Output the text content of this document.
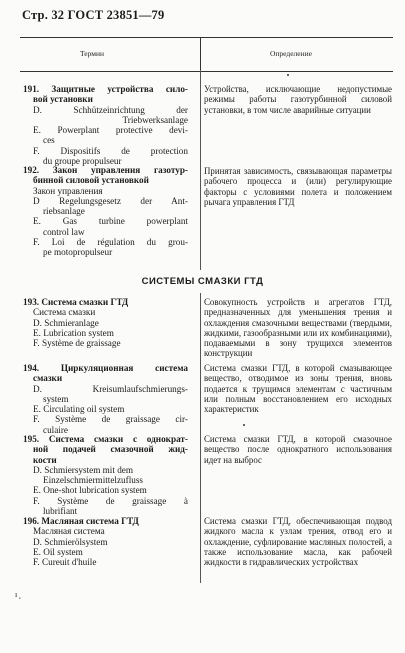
Стр. 32 ГОСТ 23851—79
Термин	Определение
191. Защитные устройства сило-
вой установки
D. Schhützeinrichtung der
Triebwerksanlage
E. Powerplant protective devi-
ces
F. Dispositifs de protection
du groupe propulseur
Устройства, исключающие недопустимые режимы работы газотурбинной силовой установки, в том числе аварийные ситуации
192. Закон управления газотур-
бинной силовой установкой
Закон управления
D Regelungsgesetz der Ant-
riebsanlage
E. Gas turbine powerplant
control law
F. Loi de régulation du grou-
pe motopropulseur
Принятая зависимость, связывающая параметры рабочего процесса и (или) регулирующие факторы с условиями полета и положением рычага управления ГТД
СИСТЕМЫ СМАЗКИ ГТД
193. Система смазки ГТД
Система смазки
D. Schmieranlage
E. Lubrication system
F. Système de graissage
Совокупность устройств и агрегатов ГТД, предназначенных для уменьшения трения и охлаждения смазочными веществами (твердыми, жидкими, газообразными или их комбинациями), подаваемыми в зону трущихся элементов конструкции
194. Циркуляционная система
смазки
D. Kreisumlaufschmierungs-
system
E. Circulating oil system
F. Système de graissage cir-
culaire
Система смазки ГТД, в которой смазывающее вещество, отводимое из зоны трения, вновь подается к трущимся элементам с частичным или полным восстановлением его исходных характеристик
195. Система смазки с однократ-
ной подачей смазочной жид-
кости
D. Schmiersystem mit dem
Einzelschmiermittelzufluss
E. One-shot lubrication system
F. Système de graissage à
lubrifiant
Система смазки ГТД, в которой смазочное вещество после однократного использования идет на выброс
196. Масляная система ГТД
Масляная система
D. Schmierölsystem
E. Oil system
F. Cureuit d'huile
Система смазки ГТД, обеспечивающая подвод жидкого масла к узлам трения, отвод его и охлаждение, суфлирование масляных полостей, а также использование масла, как рабочей жидкости в гидравлических устройствах
ı ⸼
